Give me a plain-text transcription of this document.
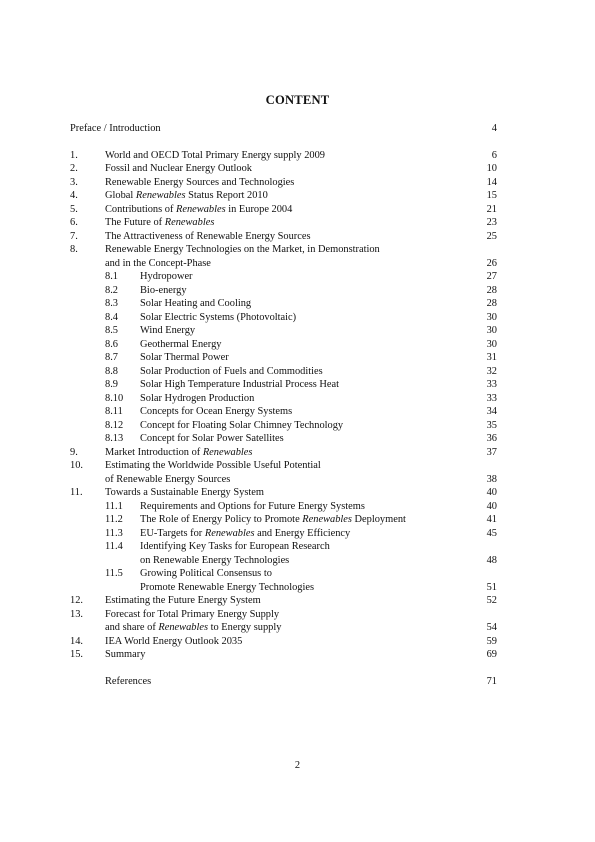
CONTENT
Preface / Introduction	4
1.	World and OECD Total Primary Energy supply 2009	6
2.	Fossil and Nuclear Energy Outlook	10
3.	Renewable Energy Sources and Technologies	14
4.	Global Renewables Status Report 2010	15
5.	Contributions of Renewables in Europe 2004	21
6.	The Future of Renewables	23
7.	The Attractiveness of Renewable Energy Sources	25
8.	Renewable Energy Technologies on the Market, in Demonstration
and in the Concept-Phase	26
8.1 Hydropower	27
8.2 Bio-energy	28
8.3 Solar Heating and Cooling	28
8.4 Solar Electric Systems (Photovoltaic)	30
8.5 Wind Energy	30
8.6 Geothermal Energy	30
8.7 Solar Thermal Power	31
8.8 Solar Production of Fuels and Commodities	32
8.9 Solar High Temperature Industrial Process Heat	33
8.10 Solar Hydrogen Production	33
8.11 Concepts for Ocean Energy Systems	34
8.12 Concept for Floating Solar Chimney Technology	35
8.13 Concept for Solar Power Satellites	36
9.	Market Introduction of Renewables	37
10. Estimating the Worldwide Possible Useful Potential
of Renewable Energy Sources	38
11. Towards a Sustainable Energy System	40
11.1 Requirements and Options for Future Energy Systems	40
11.2 The Role of Energy Policy to Promote Renewables Deployment	41
11.3 EU-Targets for Renewables and Energy Efficiency	45
11.4 Identifying Key Tasks for European Research
on Renewable Energy Technologies	48
11.5 Growing Political Consensus to
Promote Renewable Energy Technologies	51
12. Estimating the Future Energy System	52
13. Forecast for Total Primary Energy Supply
and share of Renewables to Energy supply	54
14. IEA World Energy Outlook 2035	59
15. Summary	69
References	71
2
